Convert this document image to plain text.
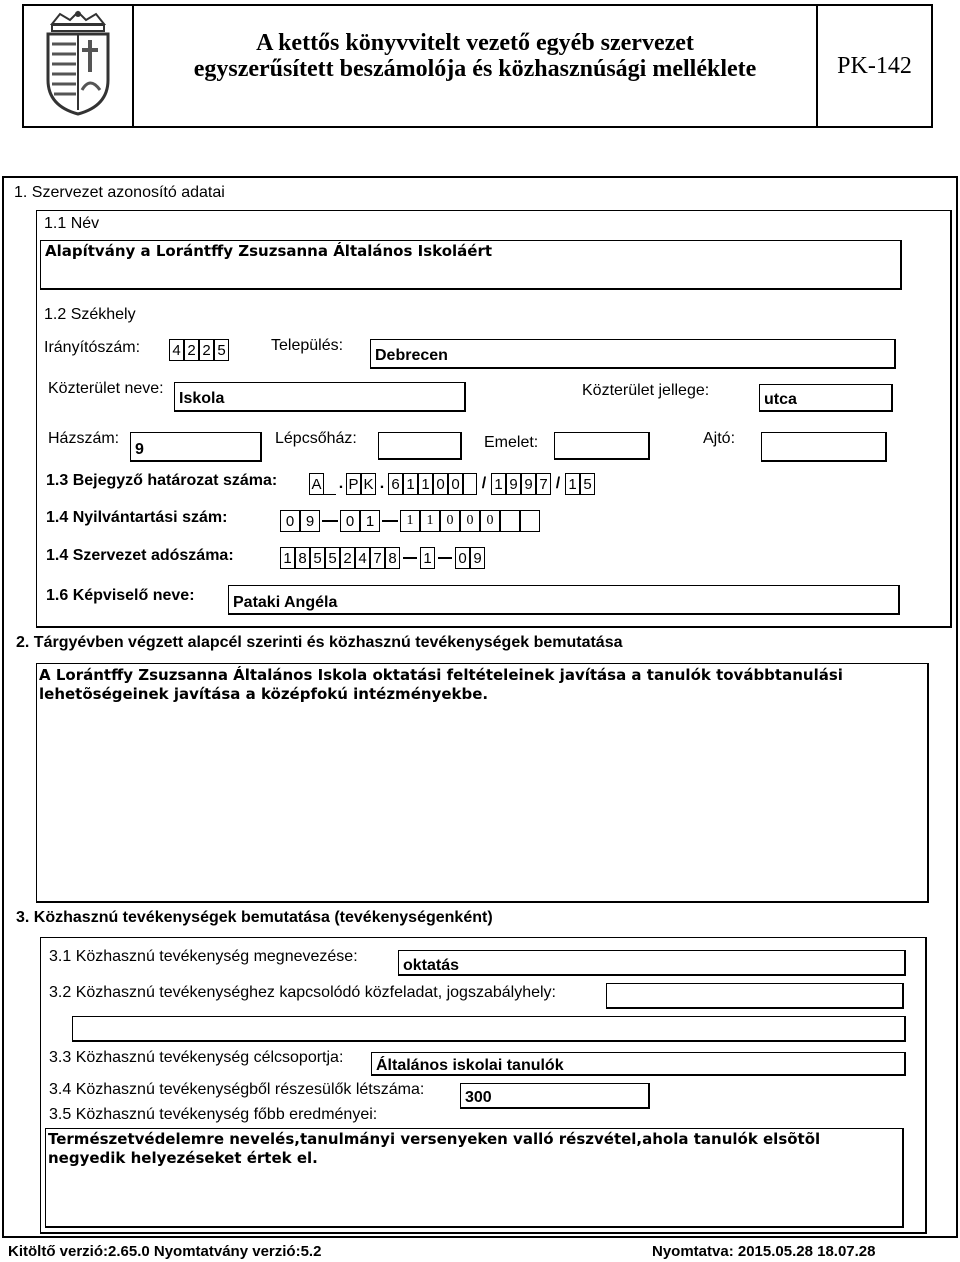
A kettős könyvvitelt vezető egyéb szervezet
egyszerűsített beszámolója és közhasznúsági melléklete	PK-142
1. Szervezet azonosító adatai
1.1 Név
Alapítvány a Lorántffy Zsuzsanna Általános Iskoláért
1.2 Székhely
Irányítószám: 4 2 2 5	Település:
Debrecen
Közterület neve:
Iskola	Közterület jellege:
utca
Házszám:
9
Lépcsőház:	Emelet:	Ajtó:
1.3 Bejegyző határozat száma: A . P K . 6 1 1 0 0 / 1 9 9 7 / 1 5
1.4 Nyilvántartási szám:	0 9	0 1	1 1 0 0 0
1.4 Szervezet adószáma:	1 8 5 5 2 4 7 8 1 0 9
1.6 Képviselő neve:	Pataki Angéla
2. Tárgyévben végzett alapcél szerinti és közhasznú tevékenységek bemutatása
A Lorántffy Zsuzsanna Általános Iskola oktatási feltételeinek javítása a tanulók továbbtanulási lehetõségeinek javítása a középfokú intézményekbe.
3. Közhasznú tevékenységek bemutatása (tevékenységenként)
3.1 Közhasznú tevékenység megnevezése:
oktatás
3.2 Közhasznú tevékenységhez kapcsolódó közfeladat, jogszabályhely:
3.3 Közhasznú tevékenység célcsoportja:	Általános iskolai tanulók
3.4 Közhasznú tevékenységből részesülők létszáma:	300
3.5 Közhasznú tevékenység főbb eredményei:
Természetvédelemre nevelés,tanulmányi versenyeken valló részvétel,ahola tanulók elsõtõl negyedik helyezéseket értek el.
Kitöltő verzió:2.65.0 Nyomtatvány verzió:5.2	Nyomtatva: 2015.05.28 18.07.28
